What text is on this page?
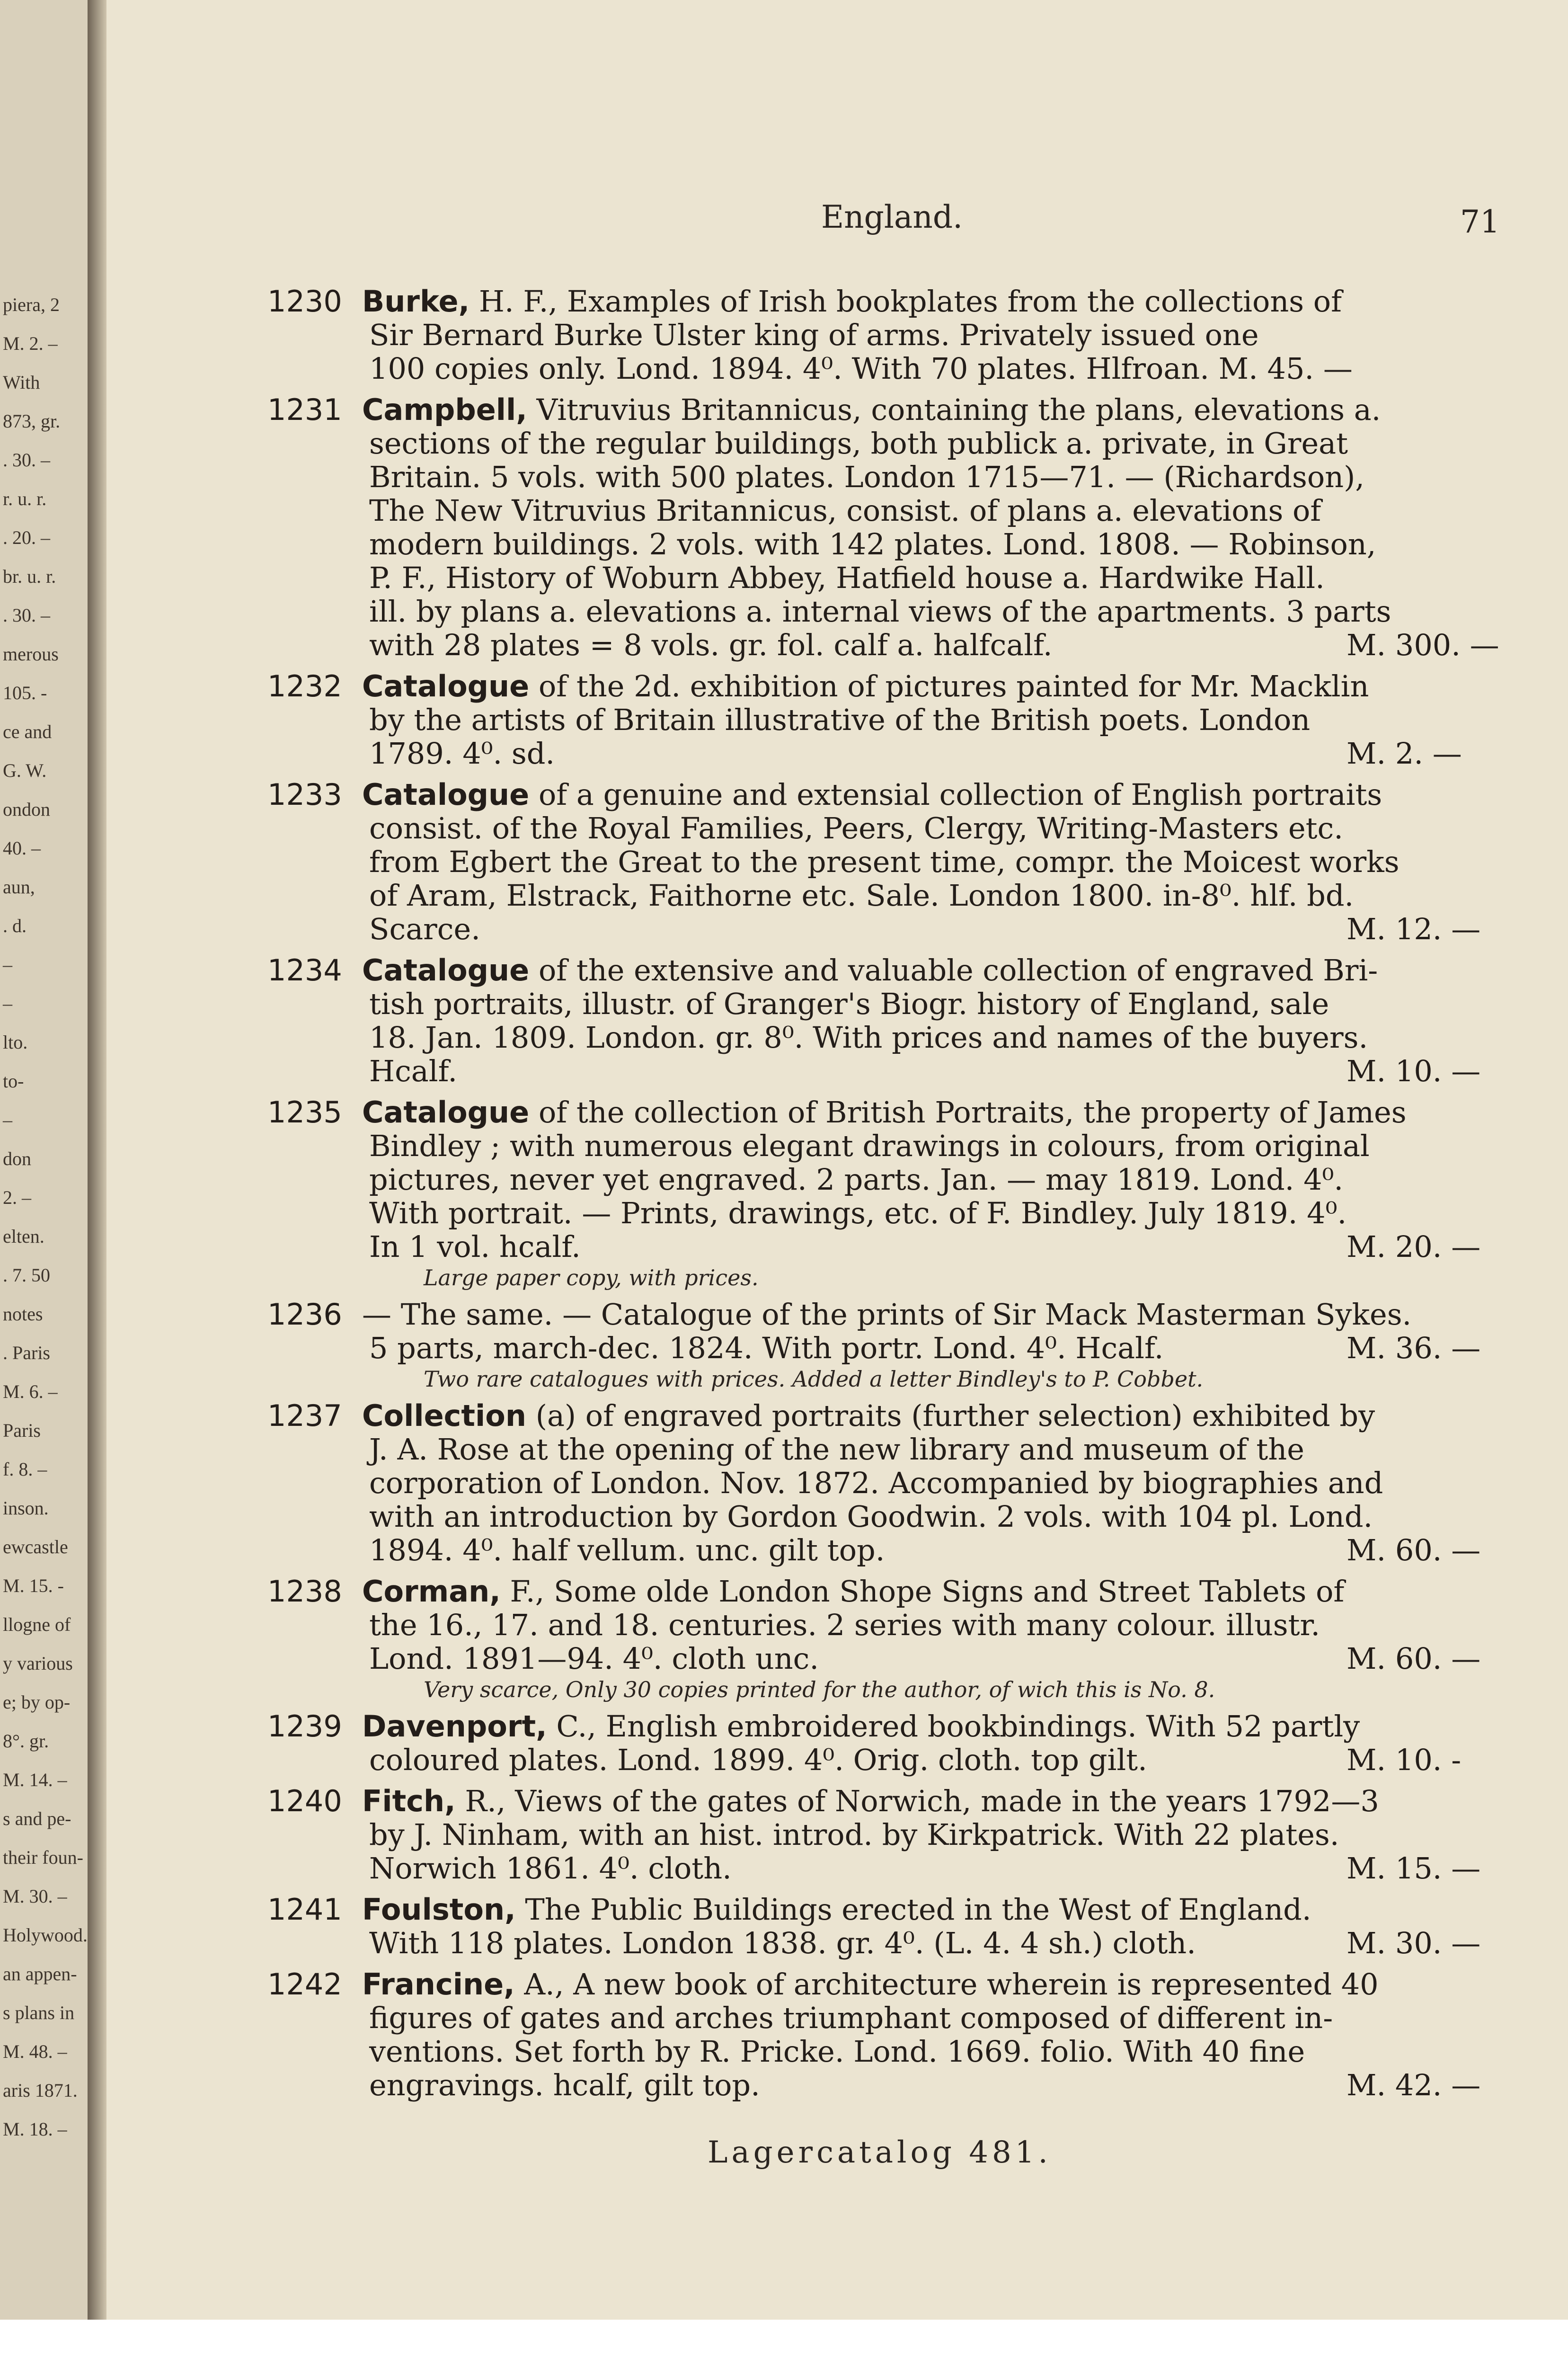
piera, 2
M. 2. –
With
873, gr.
. 30. –
r. u. r.
. 20. –
br. u. r.
. 30. –
merous
105. -
ce and
G. W.
ondon
40. –
aun,
. d.
–
–
lto.
to-
–
don
2. –
elten.
. 7. 50
notes
. Paris
M. 6. –
Paris
f. 8. –
inson.
ewcastle
M. 15. -
llogne of
y various
e; by op-
8°. gr.
M. 14. –
s and pe-
their foun-
M. 30. –
Holywood.
an appen-
s plans in
M. 48. –
aris 1871.
M. 18. –
England.	71
1230 Burke, H. F., Examples of Irish bookplates from the collections of
Sir Bernard Burke Ulster king of arms. Privately issued one
100 copies only. Lond. 1894. 4⁰. With 70 plates. Hlfroan. M. 45. —
1231 Campbell, Vitruvius Britannicus, containing the plans, elevations a.
sections of the regular buildings, both publick a. private, in Great
Britain. 5 vols. with 500 plates. London 1715—71. — (Richardson),
The New Vitruvius Britannicus, consist. of plans a. elevations of
modern buildings. 2 vols. with 142 plates. Lond. 1808. — Robinson,
P. F., History of Woburn Abbey, Hatfield house a. Hardwike Hall.
ill. by plans a. elevations a. internal views of the apartments. 3 parts
with 28 plates = 8 vols. gr. fol. calf a. halfcalf.	M. 300. —
1232 Catalogue of the 2d. exhibition of pictures painted for Mr. Macklin
by the artists of Britain illustrative of the British poets. London
1789. 4⁰. sd.	M. 2. —
1233 Catalogue of a genuine and extensial collection of English portraits
consist. of the Royal Families, Peers, Clergy, Writing-Masters etc.
from Egbert the Great to the present time, compr. the Moicest works
of Aram, Elstrack, Faithorne etc. Sale. London 1800. in-8⁰. hlf. bd.
Scarce.	M. 12. —
1234 Catalogue of the extensive and valuable collection of engraved Bri-
tish portraits, illustr. of Granger's Biogr. history of England, sale
18. Jan. 1809. London. gr. 8⁰. With prices and names of the buyers.
Hcalf.	M. 10. —
1235 Catalogue of the collection of British Portraits, the property of James
Bindley ; with numerous elegant drawings in colours, from original
pictures, never yet engraved. 2 parts. Jan. — may 1819. Lond. 4⁰.
With portrait. — Prints, drawings, etc. of F. Bindley. July 1819. 4⁰.
In 1 vol. hcalf.	M. 20. —
Large paper copy, with prices.
1236 — The same. — Catalogue of the prints of Sir Mack Masterman Sykes.
5 parts, march-dec. 1824. With portr. Lond. 4⁰. Hcalf.	M. 36. —
Two rare catalogues with prices. Added a letter Bindley's to P. Cobbet.
1237 Collection (a) of engraved portraits (further selection) exhibited by
J. A. Rose at the opening of the new library and museum of the
corporation of London. Nov. 1872. Accompanied by biographies and
with an introduction by Gordon Goodwin. 2 vols. with 104 pl. Lond.
1894. 4⁰. half vellum. unc. gilt top.	M. 60. —
1238 Corman, F., Some olde London Shope Signs and Street Tablets of
the 16., 17. and 18. centuries. 2 series with many colour. illustr.
Lond. 1891—94. 4⁰. cloth unc.	M. 60. —
Very scarce, Only 30 copies printed for the author, of wich this is No. 8.
1239 Davenport, C., English embroidered bookbindings. With 52 partly
coloured plates. Lond. 1899. 4⁰. Orig. cloth. top gilt.	M. 10. -
1240 Fitch, R., Views of the gates of Norwich, made in the years 1792—3
by J. Ninham, with an hist. introd. by Kirkpatrick. With 22 plates.
Norwich 1861. 4⁰. cloth.	M. 15. —
1241 Foulston, The Public Buildings erected in the West of England.
With 118 plates. London 1838. gr. 4⁰. (L. 4. 4 sh.) cloth.	M. 30. —
1242 Francine, A., A new book of architecture wherein is represented 40
figures of gates and arches triumphant composed of different in-
ventions. Set forth by R. Pricke. Lond. 1669. folio. With 40 fine
engravings. hcalf, gilt top.	M. 42. —
Lagercatalog 481.
